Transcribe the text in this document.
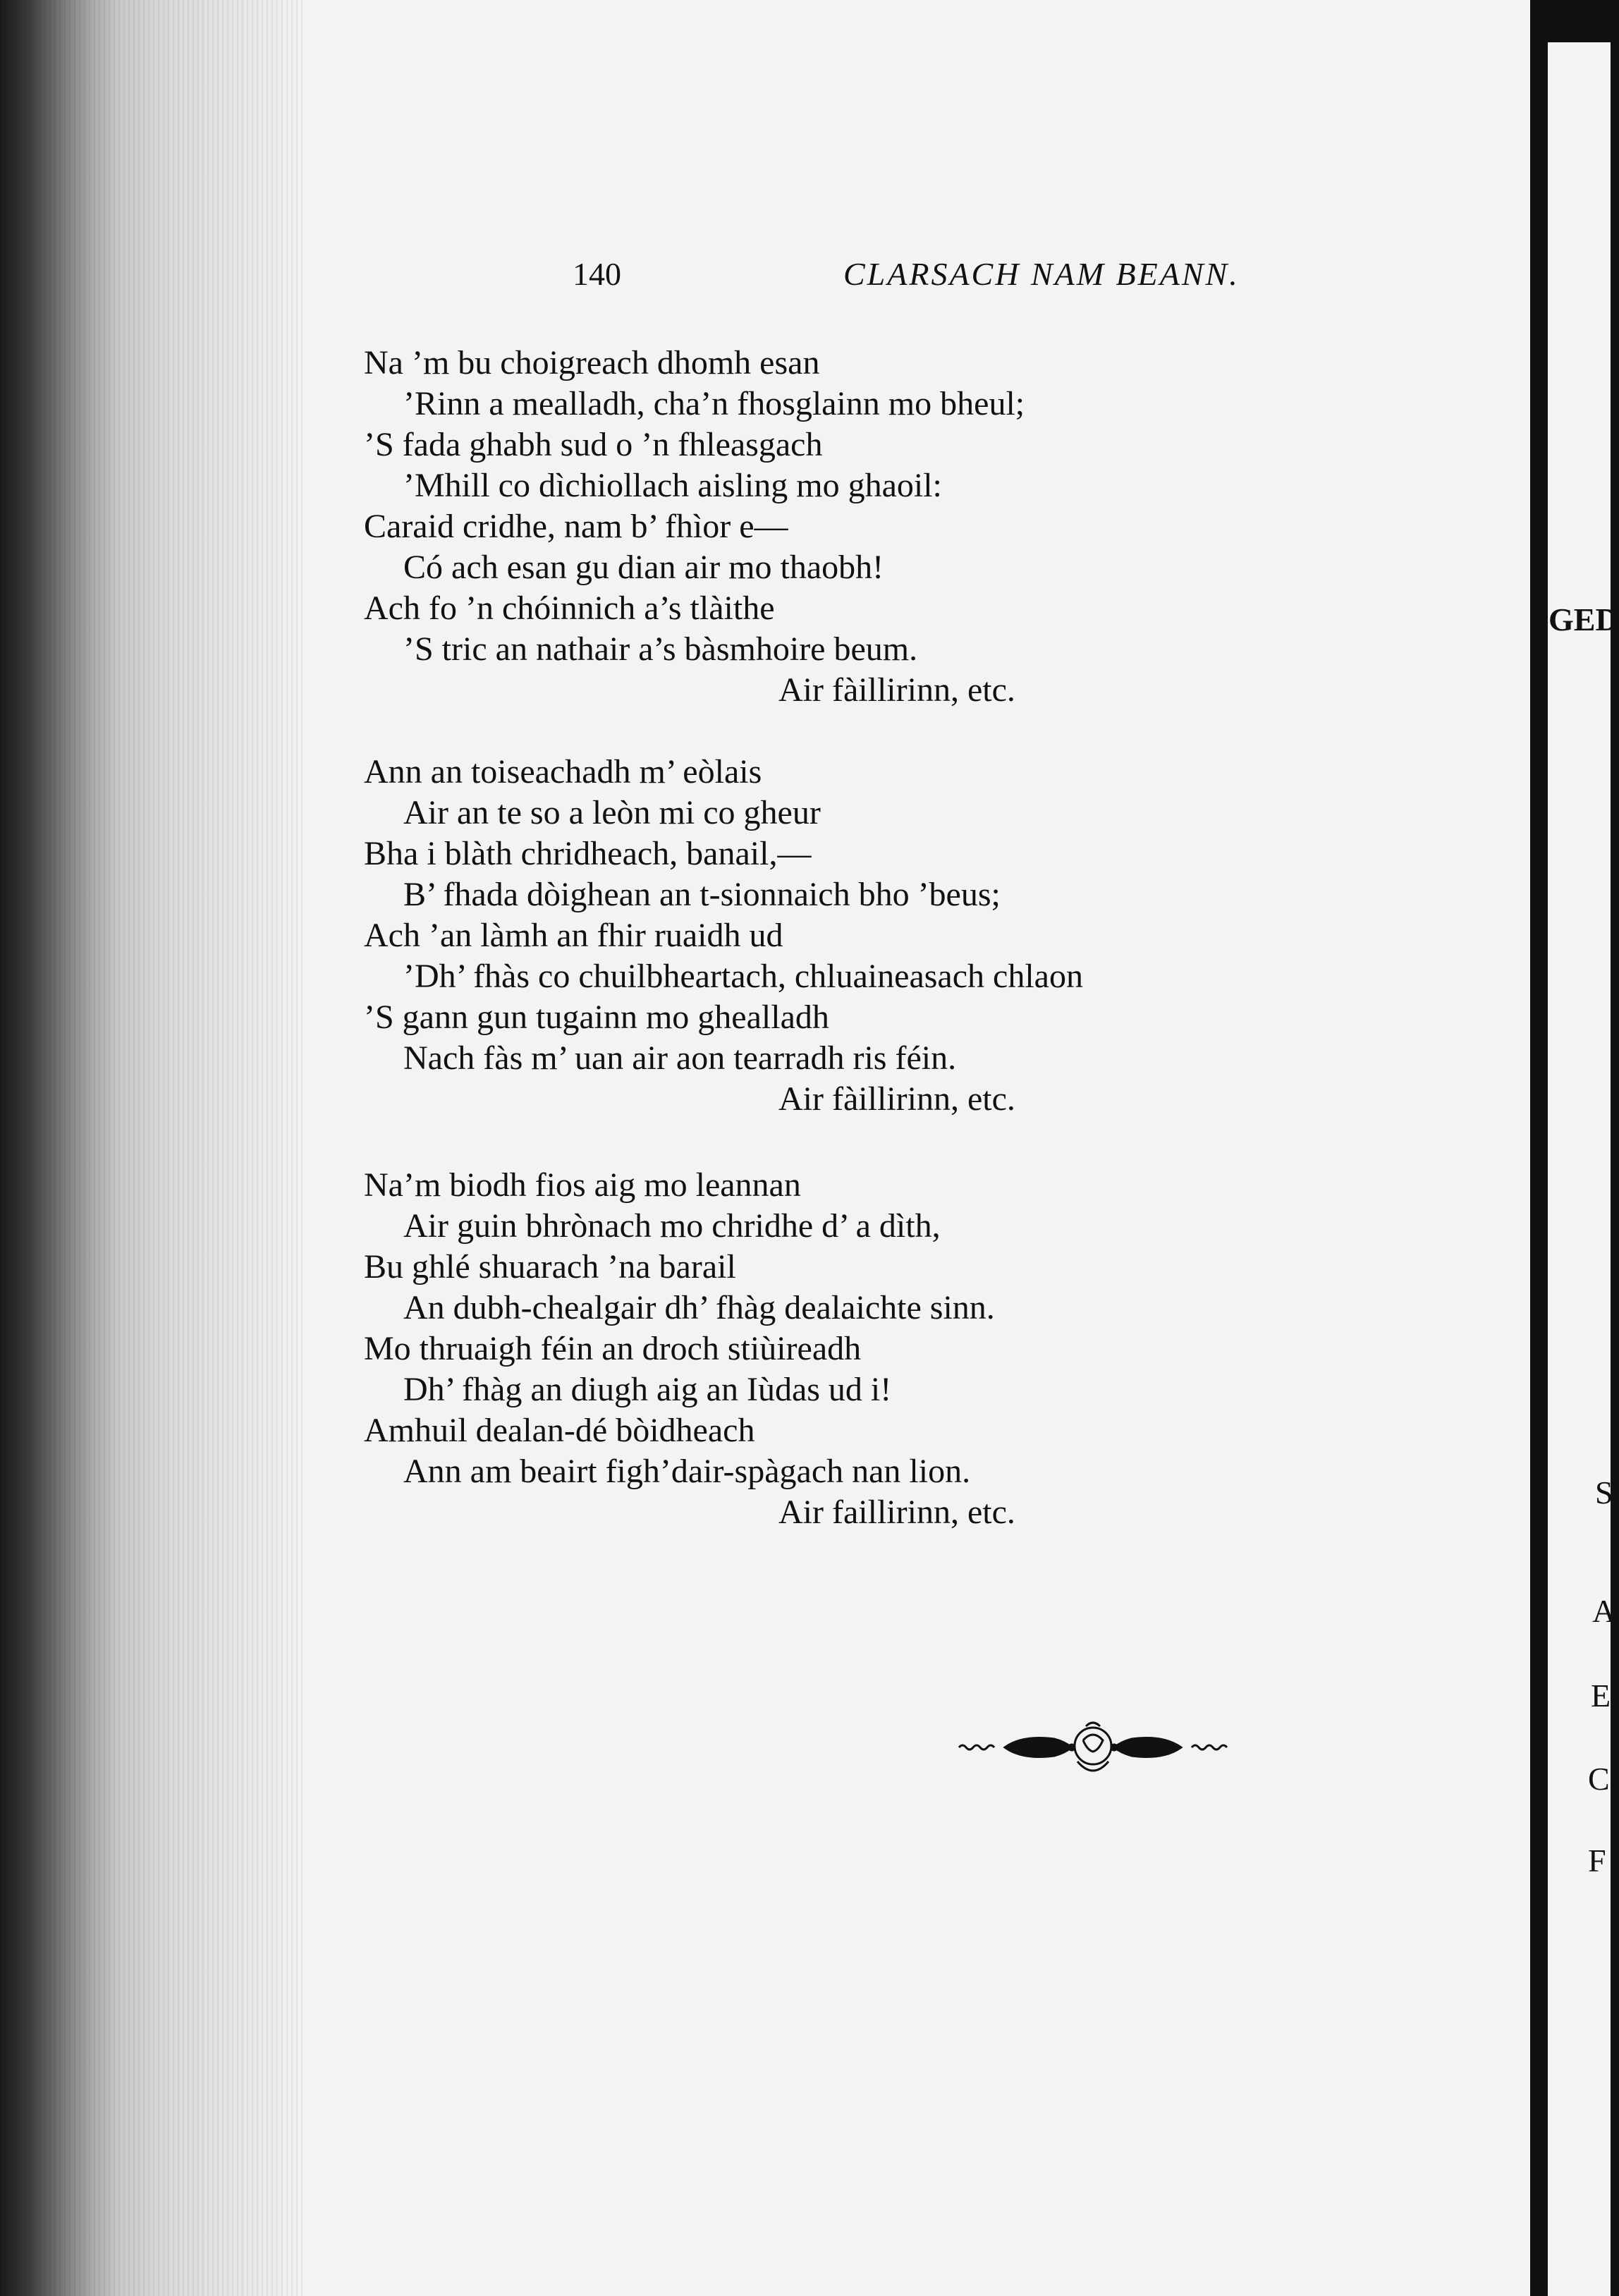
140	CLARSACH NAM BEANN.
Na ’m bu choigreach dhomh esan
’Rinn a mealladh, cha’n fhosglainn mo bheul;
’S fada ghabh sud o ’n fhleasgach
’Mhill co dìchiollach aisling mo ghaoil:
Caraid cridhe, nam b’ fhìor e—
Có ach esan gu dian air mo thaobh!
Ach fo ’n chóinnich a’s tlàithe
’S tric an nathair a’s bàsmhoire beum.
Air fàillirinn, etc.
Ann an toiseachadh m’ eòlais
Air an te so a leòn mi co gheur
Bha i blàth chridheach, banail,—
B’ fhada dòighean an t-sionnaich bho ’beus;
Ach ’an làmh an fhir ruaidh ud
’Dh’ fhàs co chuilbheartach, chluaineasach chlaon
’S gann gun tugainn mo ghealladh
Nach fàs m’ uan air aon tearradh ris féin.
Air fàillirinn, etc.
Na’m biodh fios aig mo leannan
Air guin bhrònach mo chridhe d’ a dìth,
Bu ghlé shuarach ’na barail
An dubh-chealgair dh’ fhàg dealaichte sinn.
Mo thruaigh féin an droch stiùireadh
Dh’ fhàg an diugh aig an Iùdas ud i!
Amhuil dealan-dé bòidheach
Ann am beairt figh’dair-spàgach nan lion.
Air faillirinn, etc.
GED
S
A
E
C
F
